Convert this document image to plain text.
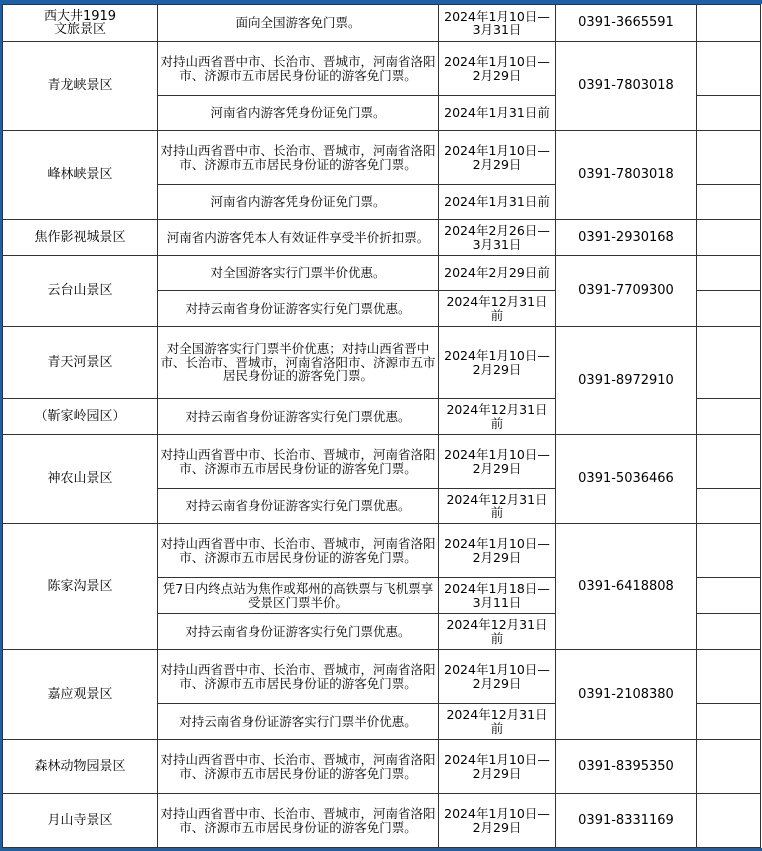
西大井1919
文旅景区	面向全国游客免门票。	2024年1月10日—3月31日	0391-3665591	
青龙峡景区	对持山西省晋中市、长治市、晋城市，河南省洛阳市、济源市五市居民身份证的游客免门票。	2024年1月10日—2月29日	0391-7803018	
	河南省内游客凭身份证免门票。	2024年1月31日前		
峰林峡景区	对持山西省晋中市、长治市、晋城市，河南省洛阳市、济源市五市居民身份证的游客免门票。	2024年1月10日—2月29日	0391-7803018	
	河南省内游客凭身份证免门票。	2024年1月31日前		
焦作影视城景区	河南省内游客凭本人有效证件享受半价折扣票。	2024年2月26日—3月31日	0391-2930168	
云台山景区	对全国游客实行门票半价优惠。	2024年2月29日前	0391-7709300	
	对持云南省身份证游客实行免门票优惠。	2024年12月31日前		
青天河景区	对全国游客实行门票半价优惠；对持山西省晋中市、长治市、晋城市，河南省洛阳市、济源市五市居民身份证的游客免门票。	2024年1月10日—2月29日	0391-8972910	
（靳家岭园区）	对持云南省身份证游客实行免门票优惠。	2024年12月31日前		
神农山景区	对持山西省晋中市、长治市、晋城市，河南省洛阳市、济源市五市居民身份证的游客免门票。	2024年1月10日—2月29日	0391-5036466	
	对持云南省身份证游客实行免门票优惠。	2024年12月31日前		
陈家沟景区	对持山西省晋中市、长治市、晋城市，河南省洛阳市、济源市五市居民身份证的游客免门票。	2024年1月10日—2月29日	0391-6418808	
	凭7日内终点站为焦作或郑州的高铁票与飞机票享受景区门票半价。	2024年1月18日—3月11日		
	对持云南省身份证游客实行免门票优惠。	2024年12月31日前		
嘉应观景区	对持山西省晋中市、长治市、晋城市，河南省洛阳市、济源市五市居民身份证的游客免门票。	2024年1月10日—2月29日	0391-2108380	
	对持云南省身份证游客实行门票半价优惠。	2024年12月31日前		
森林动物园景区	对持山西省晋中市、长治市、晋城市，河南省洛阳市、济源市五市居民身份证的游客免门票。	2024年1月10日—2月29日	0391-8395350	
月山寺景区	对持山西省晋中市、长治市、晋城市，河南省洛阳市、济源市五市居民身份证的游客免门票。	2024年1月10日—2月29日	0391-8331169	
